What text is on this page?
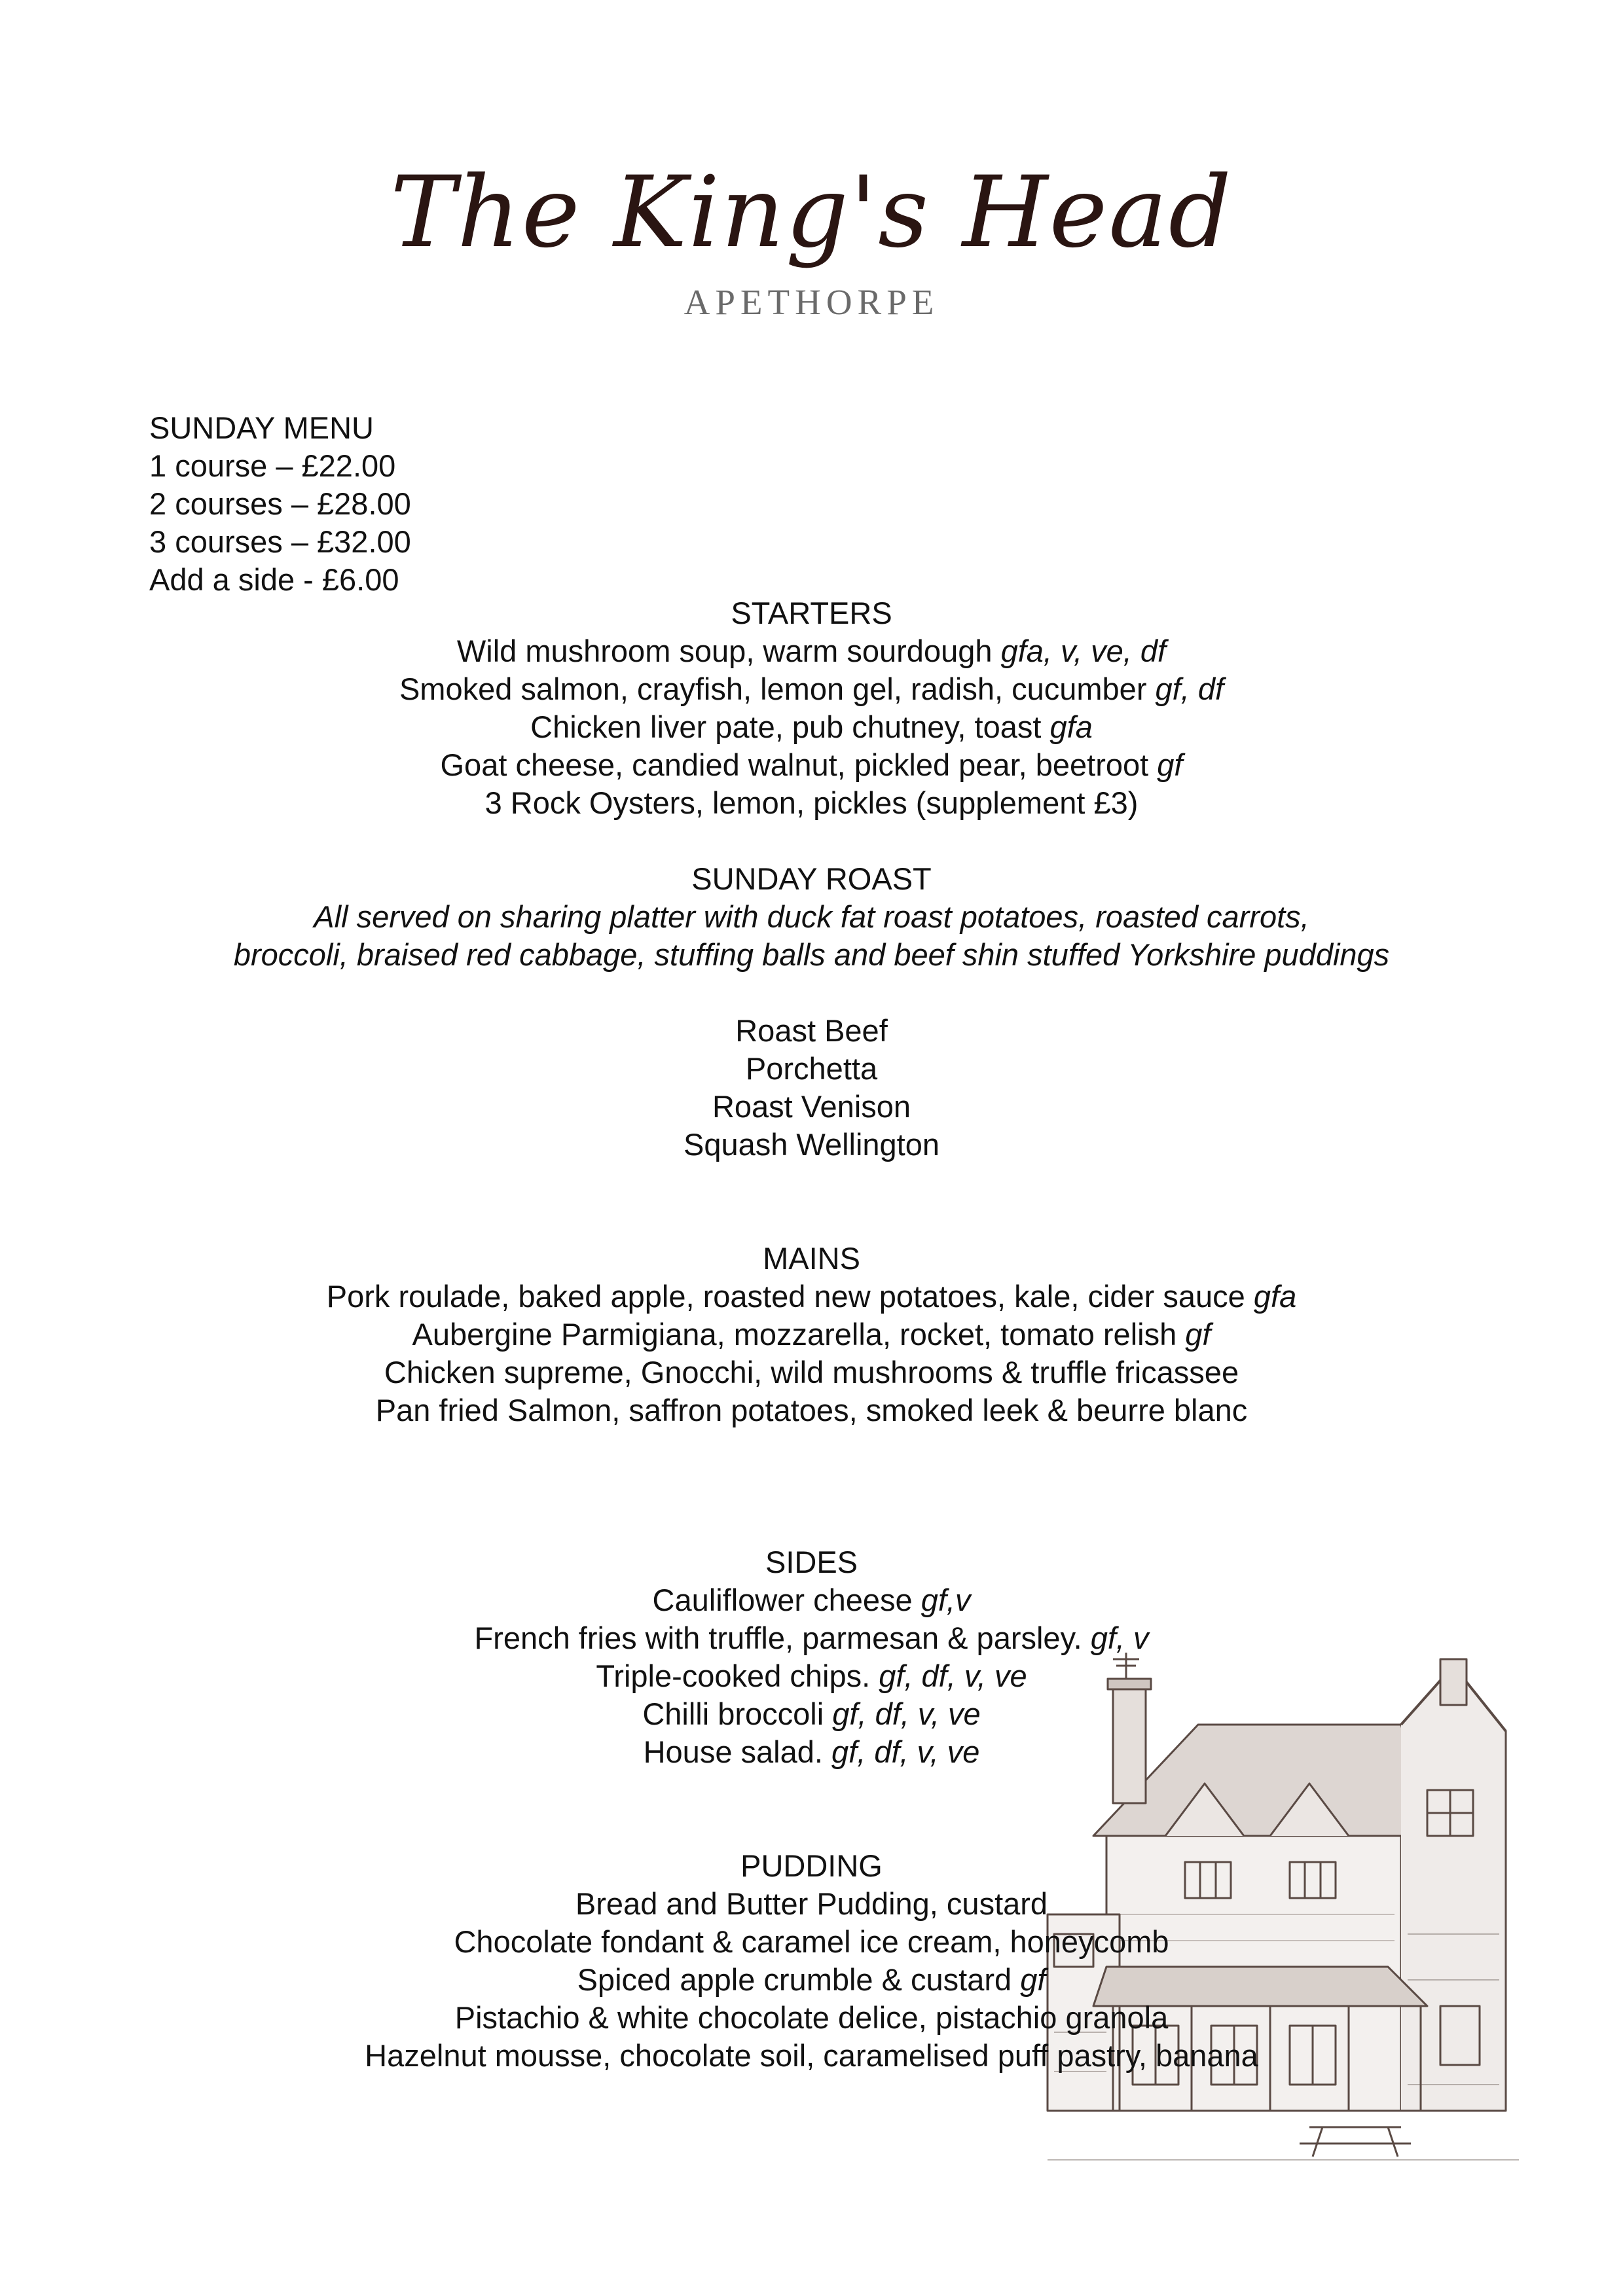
The King's Head
APETHORPE
SUNDAY MENU
1 course – £22.00
2 courses – £28.00
3 courses – £32.00
Add a side - £6.00
STARTERS
Wild mushroom soup, warm sourdough gfa, v, ve, df
Smoked salmon, crayfish, lemon gel, radish, cucumber gf, df
Chicken liver pate, pub chutney, toast gfa
Goat cheese, candied walnut, pickled pear, beetroot gf
3 Rock Oysters, lemon, pickles (supplement £3)
SUNDAY ROAST
All served on sharing platter with duck fat roast potatoes, roasted carrots,
broccoli, braised red cabbage, stuffing balls and beef shin stuffed Yorkshire puddings
Roast Beef
Porchetta
Roast Venison
Squash Wellington
MAINS
Pork roulade, baked apple, roasted new potatoes, kale, cider sauce gfa
Aubergine Parmigiana, mozzarella, rocket, tomato relish gf
Chicken supreme, Gnocchi, wild mushrooms & truffle fricassee
Pan fried Salmon, saffron potatoes, smoked leek & beurre blanc
SIDES
Cauliflower cheese gf,v
French fries with truffle, parmesan & parsley. gf, v
Triple-cooked chips. gf, df, v, ve
Chilli broccoli gf, df, v, ve
House salad. gf, df, v, ve
PUDDING
Bread and Butter Pudding, custard
Chocolate fondant & caramel ice cream, honeycomb
Spiced apple crumble & custard gf
Pistachio & white chocolate delice, pistachio granola
Hazelnut mousse, chocolate soil, caramelised puff pastry, banana
